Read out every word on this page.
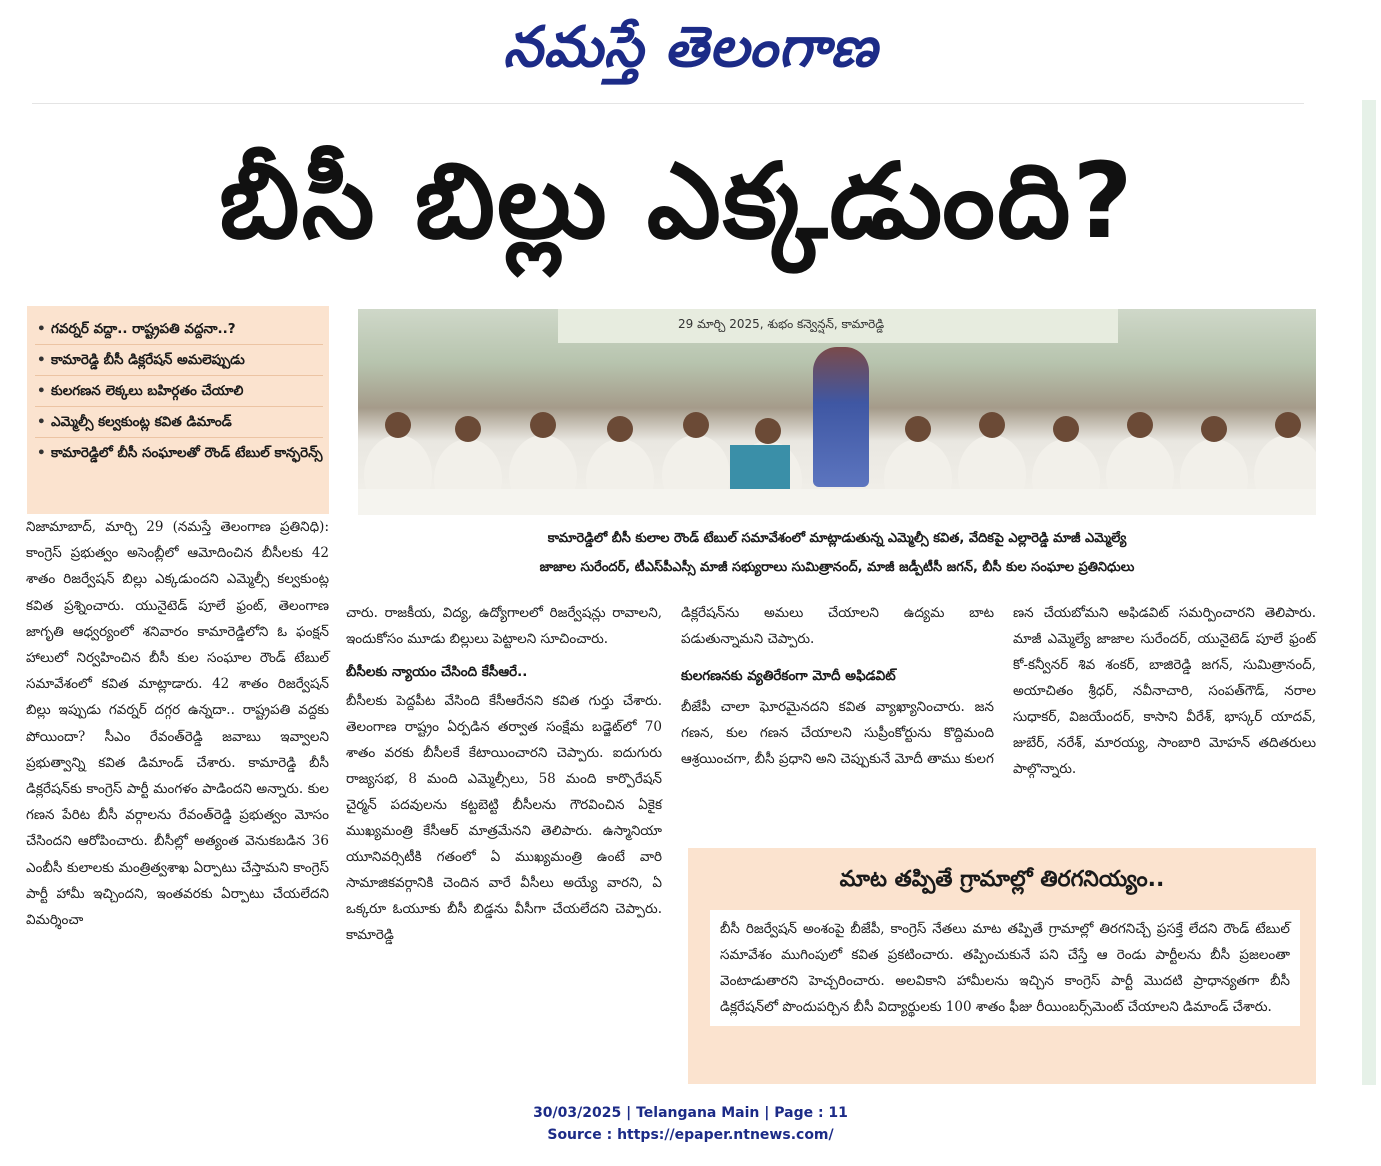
నమస్తే తెలంగాణ
బీసీ బిల్లు ఎక్కడుంది?
• గవర్నర్ వద్దా.. రాష్ట్రపతి వద్దనా..?
• కామారెడ్డి బీసీ డిక్లరేషన్ అమలెప్పుడు
• కులగణన లెక్కలు బహిర్గతం చేయాలి
• ఎమ్మెల్సీ కల్వకుంట్ల కవిత డిమాండ్
• కామారెడ్డిలో బీసీ సంఘాలతో రౌండ్ టేబుల్ కాన్ఫరెన్స్
29 మార్చి 2025, శుభం కన్వెన్షన్, కామారెడ్డి
కామారెడ్డిలో బీసీ కులాల రౌండ్ టేబుల్ సమావేశంలో మాట్లాడుతున్న ఎమ్మెల్సీ కవిత, వేదికపై ఎల్లారెడ్డి మాజీ ఎమ్మెల్యే
జాజాల సురేందర్, టీఎస్‌పీఎస్సీ మాజీ సభ్యురాలు సుమిత్రానంద్, మాజీ జడ్పీటీసీ జగన్, బీసీ కుల సంఘాల ప్రతినిధులు

నిజామాబాద్, మార్చి 29 (నమస్తే తెలంగాణ ప్రతినిధి): కాంగ్రెస్ ప్రభుత్వం అసెంబ్లీలో ఆమోదించిన బీసీలకు 42 శాతం రిజర్వేషన్ బిల్లు ఎక్కడుందని ఎమ్మెల్సీ కల్వకుంట్ల కవిత ప్రశ్నించారు. యునైటెడ్ పూలే ఫ్రంట్, తెలంగాణ జాగృతి ఆధ్వర్యంలో శనివారం కామారెడ్డిలోని ఓ ఫంక్షన్ హాలులో నిర్వహించిన బీసీ కుల సంఘాల రౌండ్ టేబుల్ సమావేశంలో కవిత మాట్లాడారు. 42 శాతం రిజర్వేషన్ బిల్లు ఇప్పుడు గవర్నర్ దగ్గర ఉన్నదా.. రాష్ట్రపతి వద్దకు పోయిందా? సీఎం రేవంత్‌రెడ్డి జవాబు ఇవ్వాలని ప్రభుత్వాన్ని కవిత డిమాండ్ చేశారు. కామారెడ్డి బీసీ డిక్లరేషన్‌కు కాంగ్రెస్ పార్టీ మంగళం పాడిందని అన్నారు. కుల గణన పేరిట బీసీ వర్గాలను రేవంత్‌రెడ్డి ప్రభుత్వం మోసం చేసిందని ఆరోపించారు. బీసీల్లో అత్యంత వెనుకబడిన 36 ఎంబీసీ కులాలకు మంత్రిత్వశాఖ ఏర్పాటు చేస్తామని కాంగ్రెస్ పార్టీ హామీ ఇచ్చిందని, ఇంతవరకు ఏర్పాటు చేయలేదని విమర్శించా

చారు. రాజకీయ, విద్య, ఉద్యోగాలలో రిజర్వేషన్లు రావాలని, ఇందుకోసం మూడు బిల్లులు పెట్టాలని సూచించారు.

బీసీలకు న్యాయం చేసింది కేసీఆరే..

బీసీలకు పెద్దపీట వేసింది కేసీఆరేనని కవిత గుర్తు చేశారు. తెలంగాణ రాష్ట్రం ఏర్పడిన తర్వాత సంక్షేమ బడ్జెట్‌లో 70 శాతం వరకు బీసీలకే కేటాయించారని చెప్పారు. ఐదుగురు రాజ్యసభ, 8 మంది ఎమ్మెల్సీలు, 58 మంది కార్పొరేషన్ చైర్మన్ పదవులను కట్టబెట్టి బీసీలను గౌరవించిన ఏకైక ముఖ్యమంత్రి కేసీఆర్ మాత్రమేనని తెలిపారు. ఉస్మానియా యూనివర్సిటీకి గతంలో ఏ ముఖ్యమంత్రి ఉంటే వారి సామాజికవర్గానికి చెందిన వారే వీసీలు అయ్యే వారని, ఏ ఒక్కరూ ఓయూకు బీసీ బిడ్డను వీసీగా చేయలేదని చెప్పారు. కామారెడ్డి

డిక్లరేషన్‌ను అమలు చేయాలని ఉద్యమ బాట పడుతున్నామని చెప్పారు.

కులగణనకు వ్యతిరేకంగా మోదీ అఫిడవిట్

బీజేపీ చాలా ఘోరమైనదని కవిత వ్యాఖ్యానించారు. జన గణన, కుల గణన చేయాలని సుప్రీంకోర్టును కొద్దిమంది ఆశ్రయించగా, బీసీ ప్రధాని అని చెప్పుకునే మోదీ తాము కులగ

ణన చేయబోమని అఫిడవిట్ సమర్పించారని తెలిపారు. మాజీ ఎమ్మెల్యే జాజాల సురేందర్, యునైటెడ్ పూలే ఫ్రంట్ కో-కన్వీనర్ శివ శంకర్, బాజిరెడ్డి జగన్, సుమిత్రానంద్, అయాచితం శ్రీధర్, నవీనాచారి, సంపత్‌గౌడ్, నరాల సుధాకర్, విజయేందర్, కాసాని వీరేశ్, భాస్కర్ యాదవ్, జుబేర్, నరేశ్, మారయ్య, సాంబారి మోహన్ తదితరులు పాల్గొన్నారు.

మాట తప్పితే గ్రామాల్లో తిరగనియ్యం..
బీసీ రిజర్వేషన్ అంశంపై బీజేపీ, కాంగ్రెస్ నేతలు మాట తప్పితే గ్రామాల్లో తిరగనిచ్చే ప్రసక్తే లేదని రౌండ్ టేబుల్ సమావేశం ముగింపులో కవిత ప్రకటించారు. తప్పించుకునే పని చేస్తే ఆ రెండు పార్టీలను బీసీ ప్రజలంతా వెంటాడుతారని హెచ్చరించారు. అలవికాని హామీలను ఇచ్చిన కాంగ్రెస్ పార్టీ మొదటి ప్రాధాన్యతగా బీసీ డిక్లరేషన్‌లో పొందుపర్చిన బీసీ విద్యార్థులకు 100 శాతం ఫీజు రీయింబర్స్‌మెంట్ చేయాలని డిమాండ్ చేశారు.
30/03/2025 | Telangana Main | Page : 11
Source : https://epaper.ntnews.com/
